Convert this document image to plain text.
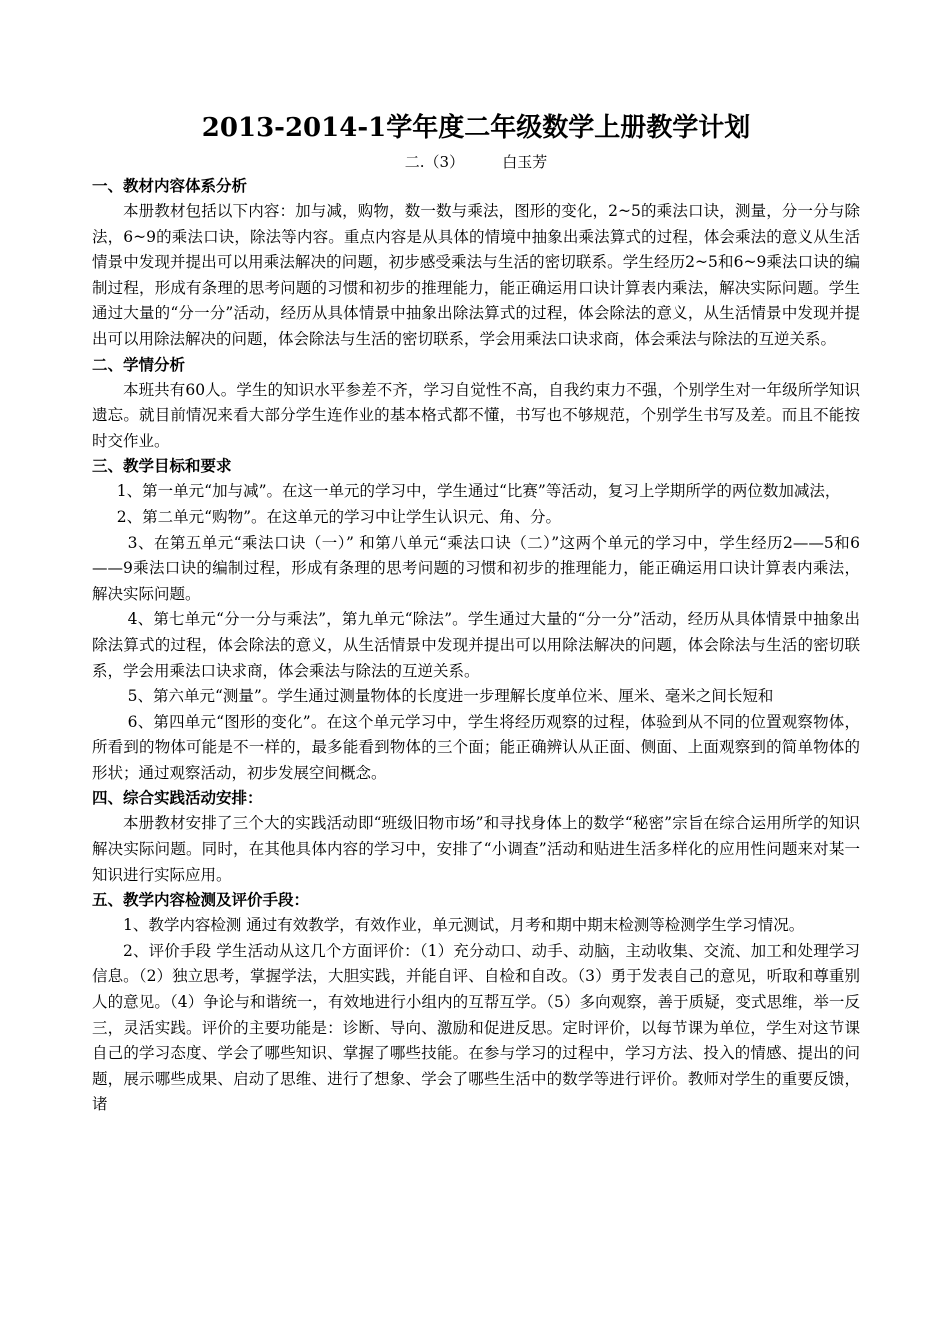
2013-2014-1学年度二年级数学上册教学计划

二.（3）        白玉芳

一、教材内容体系分析

本册教材包括以下内容：加与减，购物，数一数与乘法，图形的变化，2~5的乘法口诀，测量，分一分与除法，6~9的乘法口诀，除法等内容。重点内容是从具体的情境中抽象出乘法算式的过程，体会乘法的意义从生活情景中发现并提出可以用乘法解决的问题，初步感受乘法与生活的密切联系。学生经历2~5和6~9乘法口诀的编制过程，形成有条理的思考问题的习惯和初步的推理能力，能正确运用口诀计算表内乘法，解决实际问题。学生通过大量的“分一分”活动，经历从具体情景中抽象出除法算式的过程，体会除法的意义，从生活情景中发现并提出可以用除法解决的问题，体会除法与生活的密切联系，学会用乘法口诀求商，体会乘法与除法的互逆关系。

二、学情分析

本班共有60人。学生的知识水平参差不齐，学习自觉性不高，自我约束力不强，个别学生对一年级所学知识遗忘。就目前情况来看大部分学生连作业的基本格式都不懂，书写也不够规范，个别学生书写及差。而且不能按时交作业。

三、教学目标和要求

1、第一单元“加与减”。在这一单元的学习中，学生通过“比赛”等活动，复习上学期所学的两位数加减法，

2、第二单元“购物”。在这单元的学习中让学生认识元、角、分。

3、在第五单元“乘法口诀（一）” 和第八单元“乘法口诀（二）”这两个单元的学习中，学生经历2——5和6——9乘法口诀的编制过程，形成有条理的思考问题的习惯和初步的推理能力，能正确运用口诀计算表内乘法，解决实际问题。

4、第七单元“分一分与乘法”，第九单元“除法”。学生通过大量的“分一分”活动，经历从具体情景中抽象出除法算式的过程，体会除法的意义，从生活情景中发现并提出可以用除法解决的问题，体会除法与生活的密切联系，学会用乘法口诀求商，体会乘法与除法的互逆关系。

5、第六单元“测量”。学生通过测量物体的长度进一步理解长度单位米、厘米、毫米之间长短和

6、第四单元“图形的变化”。在这个单元学习中，学生将经历观察的过程，体验到从不同的位置观察物体，所看到的物体可能是不一样的，最多能看到物体的三个面；能正确辨认从正面、侧面、上面观察到的简单物体的形状；通过观察活动，初步发展空间概念。

四、综合实践活动安排：

本册教材安排了三个大的实践活动即“班级旧物市场”和寻找身体上的数学“秘密”宗旨在综合运用所学的知识解决实际问题。同时，在其他具体内容的学习中，安排了“小调查”活动和贴进生活多样化的应用性问题来对某一知识进行实际应用。

五、教学内容检测及评价手段：

1、教学内容检测 通过有效教学，有效作业，单元测试，月考和期中期末检测等检测学生学习情况。

2、评价手段 学生活动从这几个方面评价：（1）充分动口、动手、动脑，主动收集、交流、加工和处理学习信息。（2）独立思考，掌握学法，大胆实践，并能自评、自检和自改。（3）勇于发表自己的意见，听取和尊重别人的意见。（4）争论与和谐统一，有效地进行小组内的互帮互学。（5）多向观察，善于质疑，变式思维，举一反三，灵活实践。评价的主要功能是：诊断、导向、激励和促进反思。定时评价，以每节课为单位，学生对这节课自己的学习态度、学会了哪些知识、掌握了哪些技能。在参与学习的过程中，学习方法、投入的情感、提出的问题，展示哪些成果、启动了思维、进行了想象、学会了哪些生活中的数学等进行评价。教师对学生的重要反馈，诸
